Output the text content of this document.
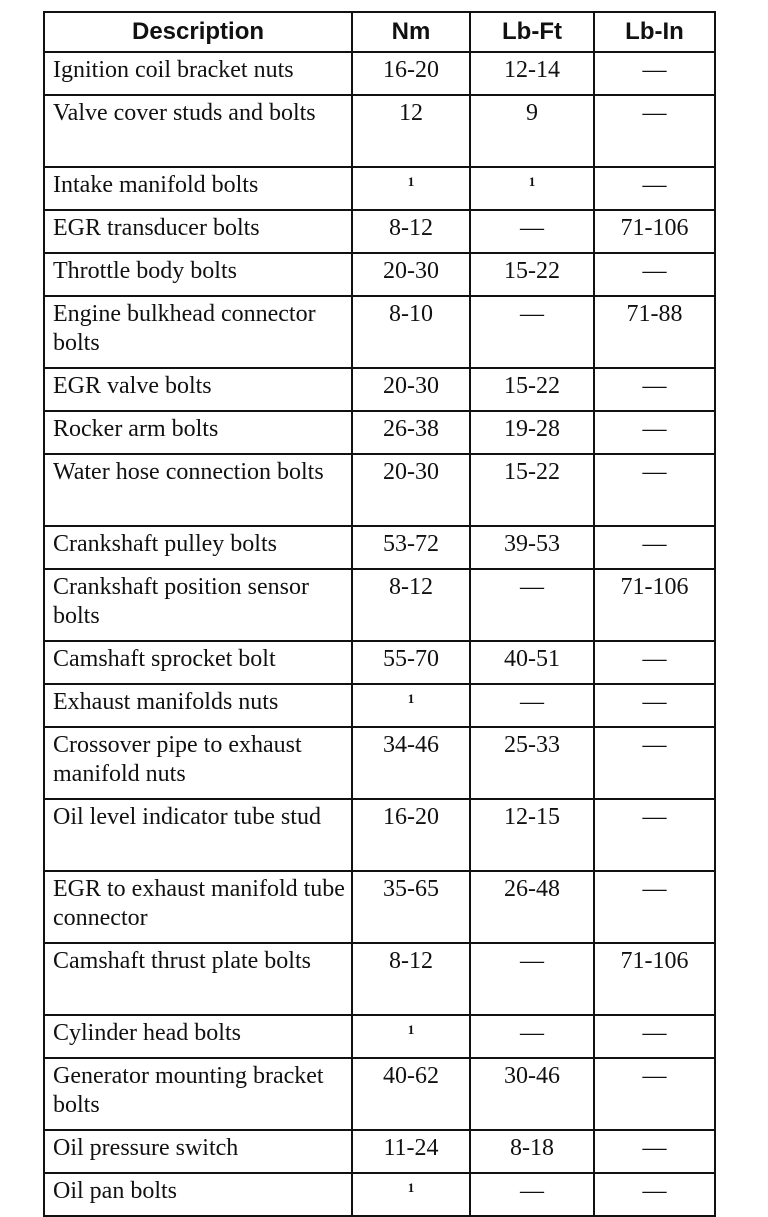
Description	Nm	Lb-Ft	Lb-In
Ignition coil bracket nuts	16-20	12-14	—
Valve cover studs and bolts	12	9	—
Intake manifold bolts	$^1$	$^1$	—
EGR transducer bolts	8-12	—	71-106
Throttle body bolts	20-30	15-22	—
Engine bulkhead connector bolts	8-10	—	71-88
EGR valve bolts	20-30	15-22	—
Rocker arm bolts	26-38	19-28	—
Water hose connection bolts	20-30	15-22	—
Crankshaft pulley bolts	53-72	39-53	—
Crankshaft position sensor bolts	8-12	—	71-106
Camshaft sprocket bolt	55-70	40-51	—
Exhaust manifolds nuts	$^1$	—	—
Crossover pipe to exhaust manifold nuts	34-46	25-33	—
Oil level indicator tube stud	16-20	12-15	—
EGR to exhaust manifold tube connector	35-65	26-48	—
Camshaft thrust plate bolts	8-12	—	71-106
Cylinder head bolts	$^1$	—	—
Generator mounting bracket bolts	40-62	30-46	—
Oil pressure switch	11-24	8-18	—
Oil pan bolts	$^1$	—	—
